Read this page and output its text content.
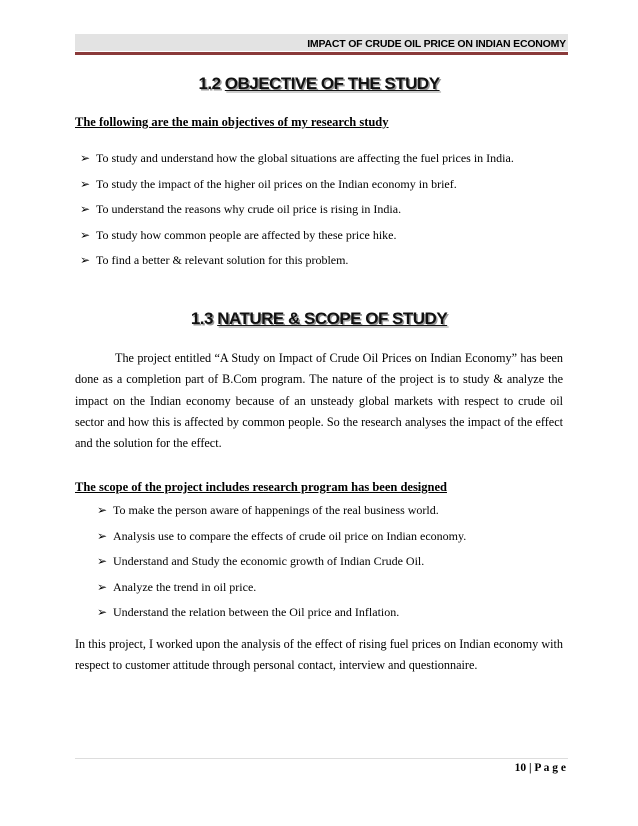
IMPACT OF CRUDE OIL PRICE ON INDIAN ECONOMY
1.2 OBJECTIVE OF THE STUDY
The following are the main objectives of my research study
➢ To study and understand how the global situations are affecting the fuel prices in India.
➢ To study the impact of the higher oil prices on the Indian economy in brief.
➢ To understand the reasons why crude oil price is rising in India.
➢ To study how common people are affected by these price hike.
➢ To find a better & relevant solution for this problem.
1.3 NATURE & SCOPE OF STUDY

The project entitled “A Study on Impact of Crude Oil Prices on Indian Economy” has been done as a completion part of B.Com program. The nature of the project is to study & analyze the impact on the Indian economy because of an unsteady global markets with respect to crude oil sector and how this is affected by common people. So the research analyses the impact of the effect and the solution for the effect.

The scope of the project includes research program has been designed
➢ To make the person aware of happenings of the real business world.
➢ Analysis use to compare the effects of crude oil price on Indian economy.
➢ Understand and Study the economic growth of Indian Crude Oil.
➢ Analyze the trend in oil price.
➢ Understand the relation between the Oil price and Inflation.

In this project, I worked upon the analysis of the effect of rising fuel prices on Indian economy with respect to customer attitude through personal contact, interview and questionnaire.

10 | P a g e
